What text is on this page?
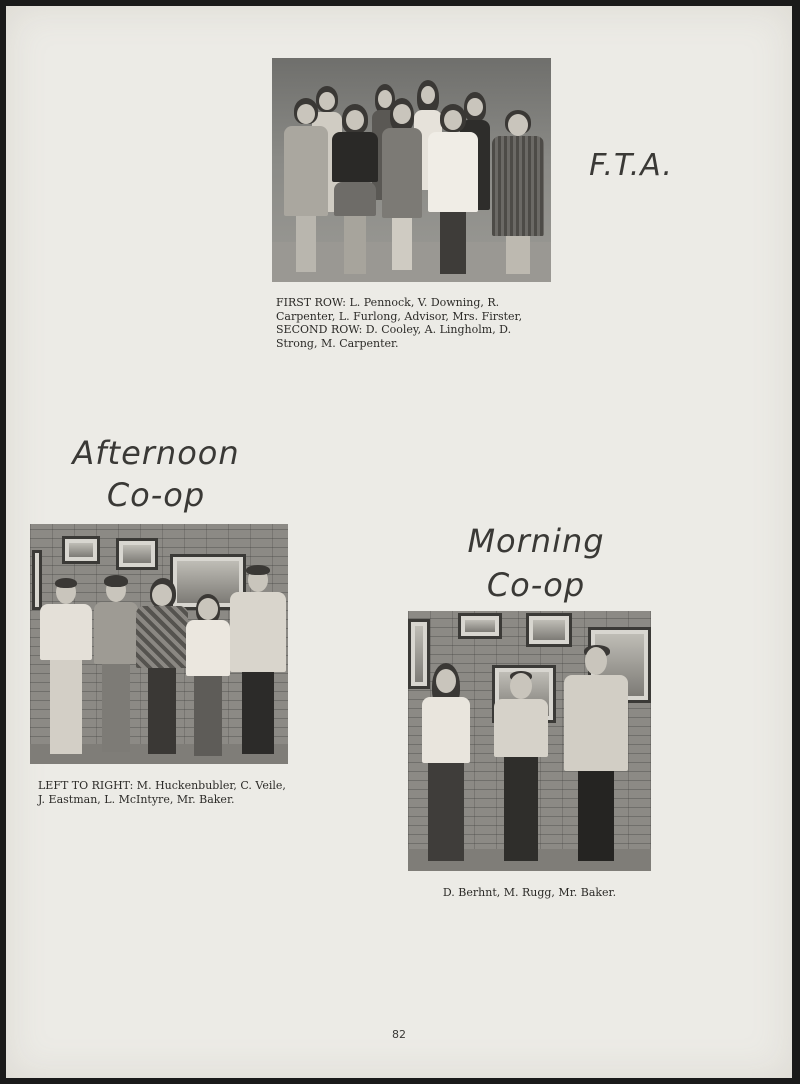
FIRST ROW: L. Pennock, V. Downing, R. Carpenter, L. Furlong, Advisor, Mrs. Firster, SECOND ROW: D. Cooley, A. Lingholm, D. Strong, M. Carpenter.
F.T.A.
Afternoon
Co-op
LEFT TO RIGHT: M. Huckenbubler, C. Veile, J. Eastman, L. McIntyre, Mr. Baker.
Morning
Co-op
D. Berhnt, M. Rugg, Mr. Baker.
82
